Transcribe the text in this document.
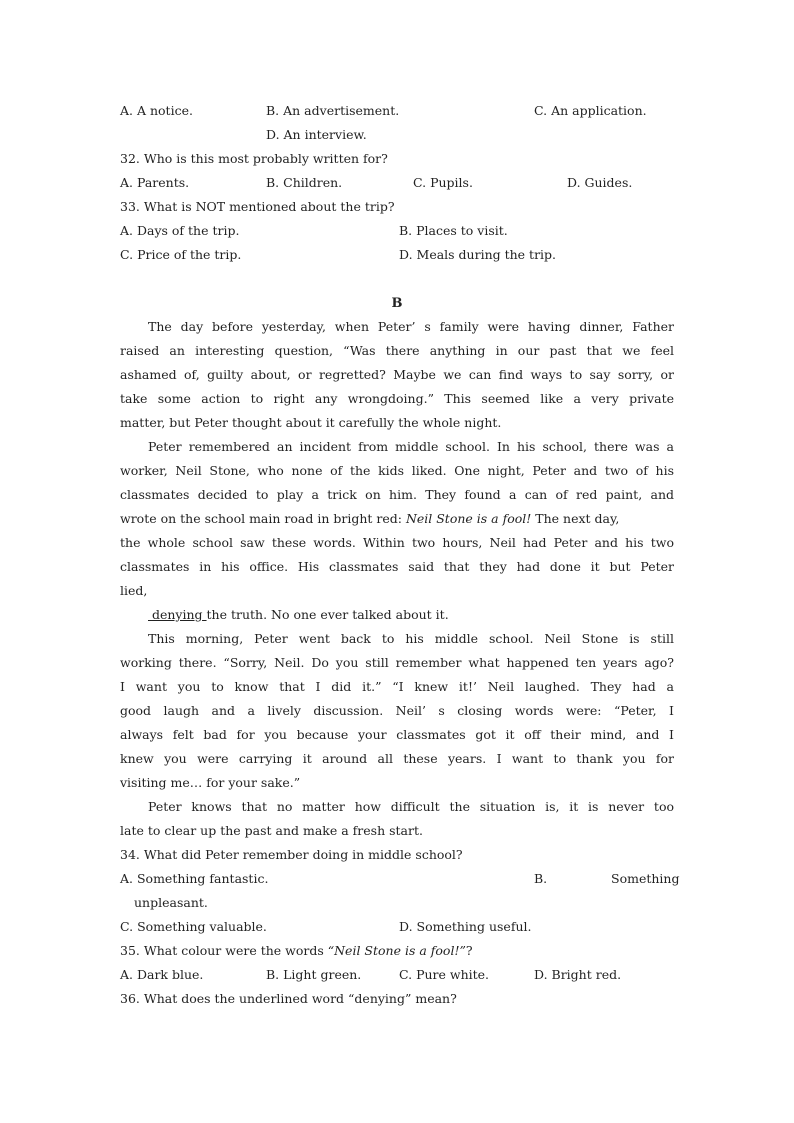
A. A notice.	B. An advertisement.	C. An application.
D. An interview.
32. Who is this most probably written for?
A. Parents.	B. Children.	C. Pupils.	D. Guides.
33. What is NOT mentioned about the trip?
A. Days of the trip.	B. Places to visit.
C. Price of the trip.	D. Meals during the trip.
B
The day before yesterday, when Peter’ s family were having dinner, Father
raised an interesting question, “Was there anything in our past that we feel
ashamed of, guilty about, or regretted? Maybe we can find ways to say sorry, or
take some action to right any wrongdoing.” This seemed like a very private
matter, but Peter thought about it carefully the whole night.
Peter remembered an incident from middle school. In his school, there was a
worker, Neil Stone, who none of the kids liked. One night, Peter and two of his
classmates decided to play a trick on him. They found a can of red paint, and
wrote on the school main road in bright red: Neil Stone is a fool! The next day,
the whole school saw these words. Within two hours, Neil had Peter and his two
classmates in his office. His classmates said that they had done it but Peter
lied,
denying the truth. No one ever talked about it.
This morning, Peter went back to his middle school. Neil Stone is still
working there. “Sorry, Neil. Do you still remember what happened ten years ago?
I want you to know that I did it.” “I knew it!’ Neil laughed. They had a
good laugh and a lively discussion. Neil’ s closing words were: “Peter, I
always felt bad for you because your classmates got it off their mind, and I
knew you were carrying it around all these years. I want to thank you for
visiting me… for your sake.”
Peter knows that no matter how difficult the situation is, it is never too
late to clear up the past and make a fresh start.
34. What did Peter remember doing in middle school?
A. Something fantastic.	B.	Something
unpleasant.
C. Something valuable.	D. Something useful.
35. What colour were the words “Neil Stone is a fool!”?
A. Dark blue.	B. Light green.	C. Pure white.	D. Bright red.
36. What does the underlined word “denying” mean?
